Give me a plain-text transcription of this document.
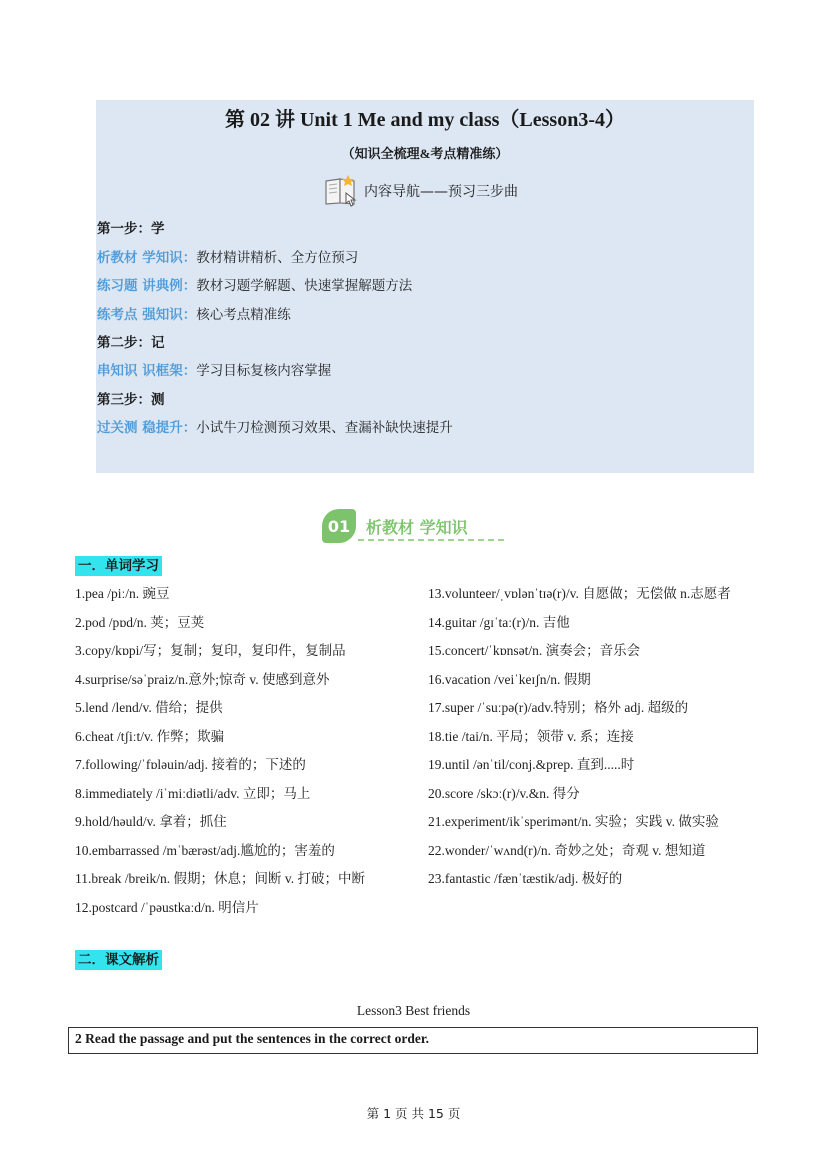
第 02 讲 Unit 1 Me and my class（Lesson3-4）
（知识全梳理&考点精准练）
内容导航——预习三步曲
第一步：学
析教材 学知识：教材精讲精析、全方位预习
练习题 讲典例：教材习题学解题、快速掌握解题方法
练考点 强知识：核心考点精准练
第二步：记
串知识 识框架：学习目标复核内容掌握
第三步：测
过关测 稳提升：小试牛刀检测预习效果、查漏补缺快速提升
01 析教材 学知识
一．单词学习
1.pea /piː/n. 豌豆
2.pod /pɒd/n. 荚；豆荚
3.copy/kɒpi/写；复制；复印，复印件，复制品
4.surprise/səˈpraiz/n.意外;惊奇 v. 使感到意外
5.lend /lend/v. 借给；提供
6.cheat /tʃiːt/v. 作弊；欺骗
7.following/ˈfɒləuin/adj. 接着的；下述的
8.immediately /iˈmiːdiətli/adv. 立即；马上
9.hold/həuld/v. 拿着；抓住
10.embarrassed /mˈbærəst/adj.尴尬的；害羞的
11.break /breik/n. 假期；休息；间断 v. 打破；中断
12.postcard /ˈpəustkaːd/n. 明信片
13.volunteer/ˌvɒlənˈtɪə(r)/v. 自愿做；无偿做 n.志愿者
14.guitar /gɪˈtaː(r)/n. 吉他
15.concert/ˈkɒnsət/n. 演奏会；音乐会
16.vacation /veiˈkeɪʃn/n. 假期
17.super /ˈsuːpə(r)/adv.特别；格外 adj. 超级的
18.tie /tai/n. 平局；领带 v. 系；连接
19.until /ənˈtil/conj.&prep. 直到.....时
20.score /skɔː(r)/v.&n. 得分
21.experiment/ikˈsperimənt/n. 实验；实践 v. 做实验
22.wonder/ˈwʌnd(r)/n. 奇妙之处；奇观 v. 想知道
23.fantastic /fænˈtæstik/adj. 极好的
二．课文解析
Lesson3 Best friends
2 Read the passage and put the sentences in the correct order.
第 1 页 共 15 页
